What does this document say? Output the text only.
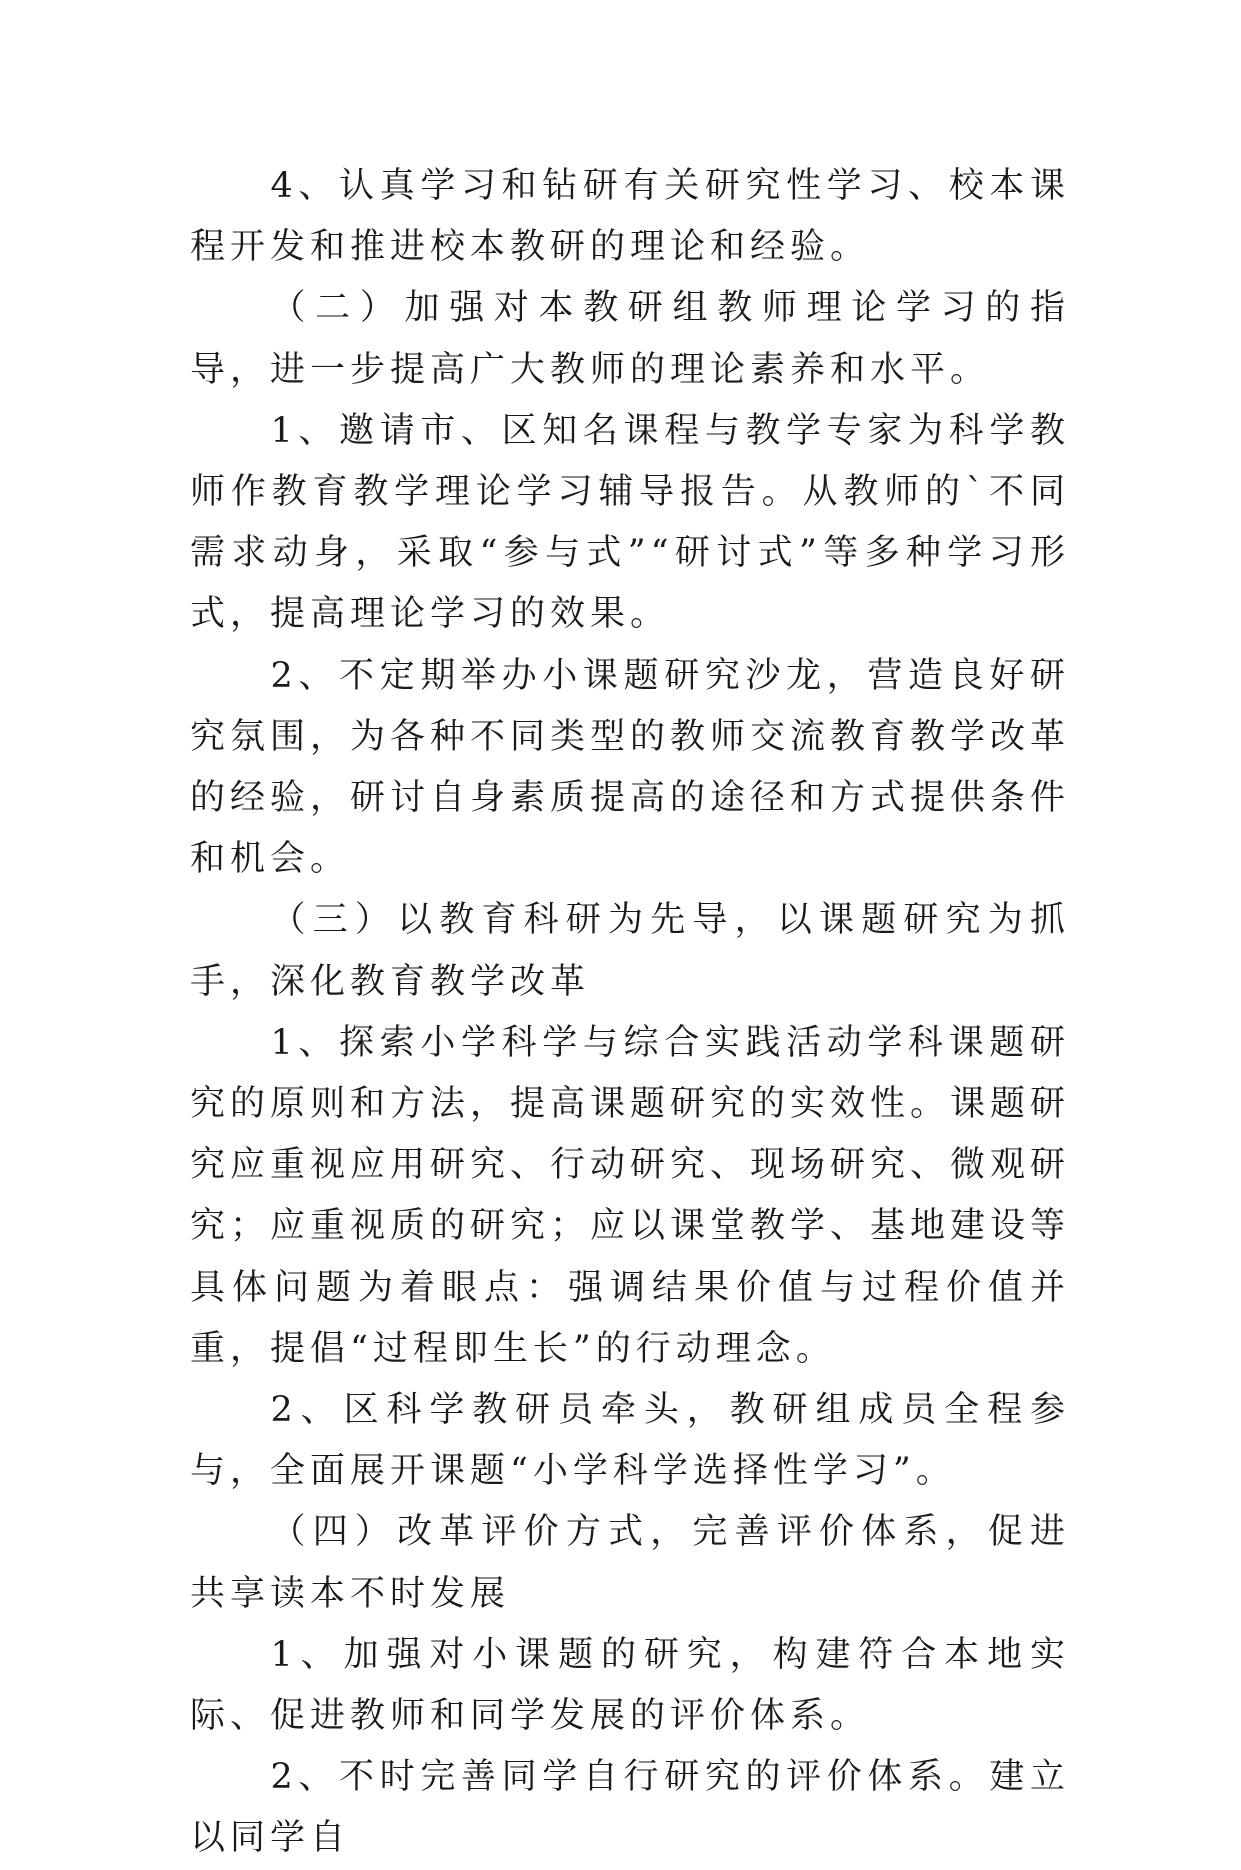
4、认真学习和钻研有关研究性学习、校本课程开发和推进校本教研的理论和经验。

（二）加强对本教研组教师理论学习的指导，进一步提高广大教师的理论素养和水平。

1、邀请市、区知名课程与教学专家为科学教师作教育教学理论学习辅导报告。从教师的`不同需求动身，采取“参与式”“研讨式”等多种学习形式，提高理论学习的效果。

2、不定期举办小课题研究沙龙，营造良好研究氛围，为各种不同类型的教师交流教育教学改革的经验，研讨自身素质提高的途径和方式提供条件和机会。

（三）以教育科研为先导，以课题研究为抓手，深化教育教学改革

1、探索小学科学与综合实践活动学科课题研究的原则和方法，提高课题研究的实效性。课题研究应重视应用研究、行动研究、现场研究、微观研究；应重视质的研究；应以课堂教学、基地建设等具体问题为着眼点：强调结果价值与过程价值并重，提倡“过程即生长”的行动理念。

2、区科学教研员牵头，教研组成员全程参与，全面展开课题“小学科学选择性学习”。

（四）改革评价方式，完善评价体系，促进共享读本不时发展

1、加强对小课题的研究，构建符合本地实际、促进教师和同学发展的评价体系。

2、不时完善同学自行研究的评价体系。建立以同学自
